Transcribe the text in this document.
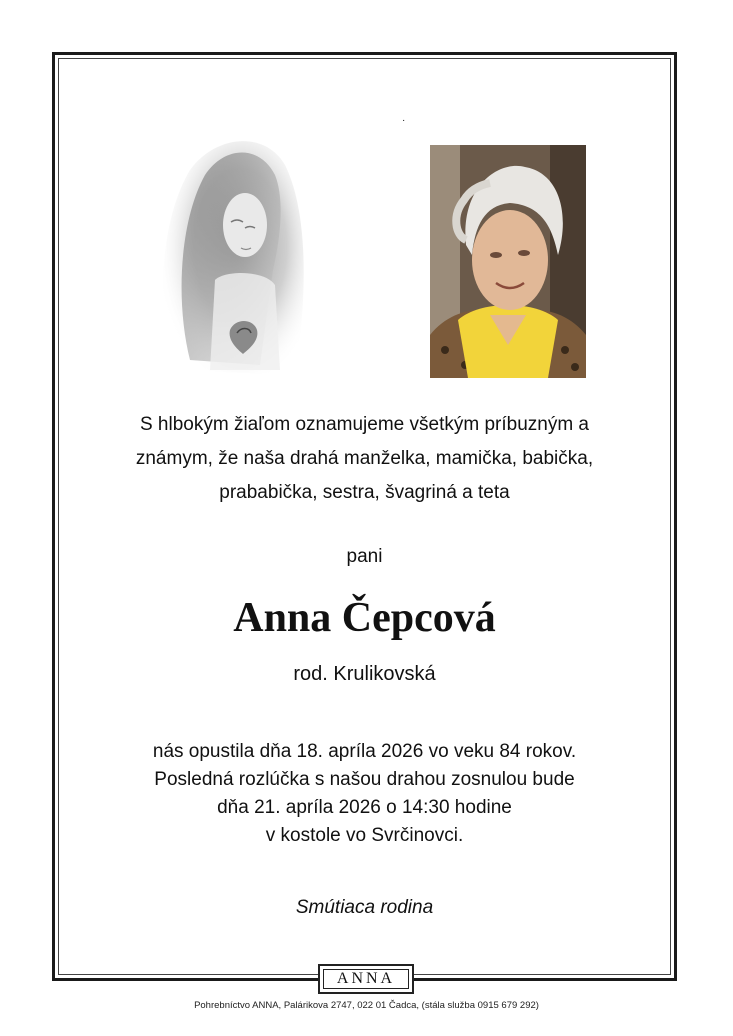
·
S hlbokým žiaľom oznamujeme všetkým príbuzným a
známym, že naša drahá manželka, mamička, babička,
prababička, sestra, švagriná a teta
pani
Anna Čepcová
rod. Krulikovská
nás opustila dňa 18. apríla 2026 vo veku 84 rokov.
Posledná rozlúčka s našou drahou zosnulou bude
dňa 21. apríla 2026 o 14:30 hodine
v kostole vo Svrčinovci.
Smútiaca rodina
ANNA
Pohrebníctvo ANNA, Palárikova 2747, 022 01 Čadca, (stála služba 0915 679 292)
